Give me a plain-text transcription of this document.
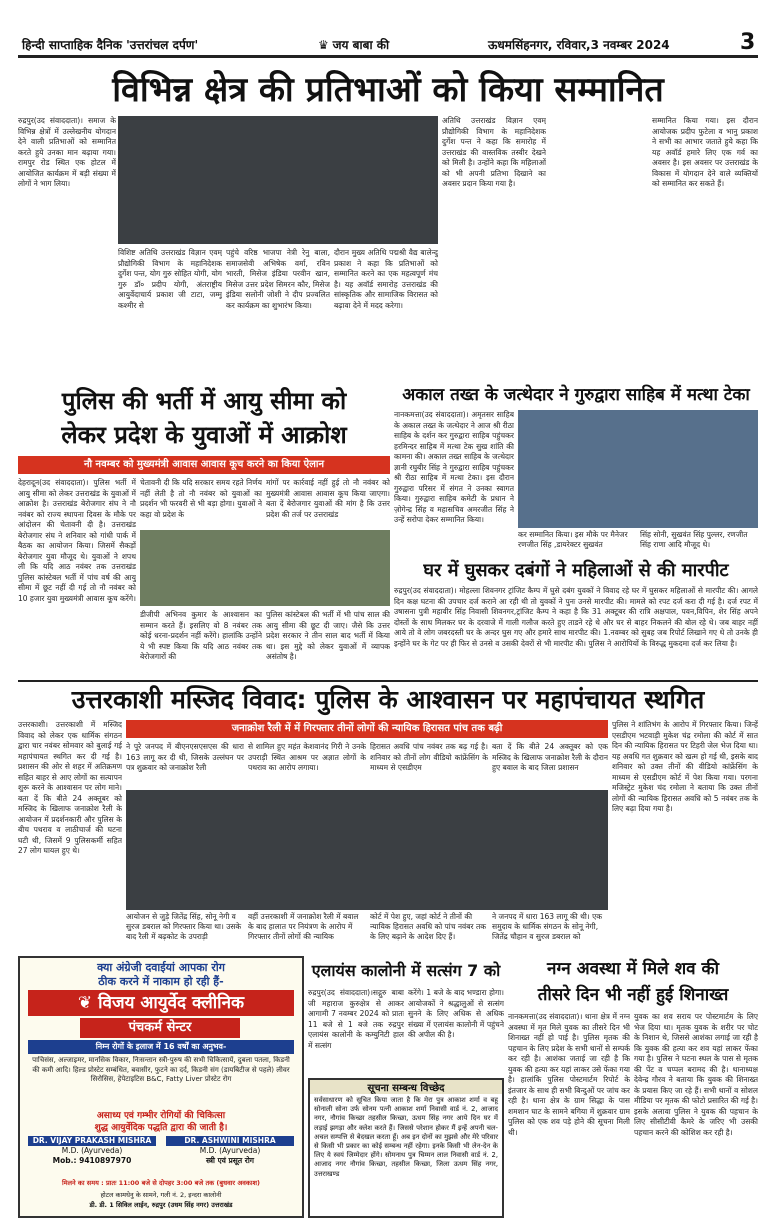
हिन्दी साप्ताहिक दैनिक 'उत्तरांचल दर्पण'	♛ जय बाबा की	ऊधमसिंहनगर, रविवार,3 नवम्बर 2024	3
विभिन्न क्षेत्र की प्रतिभाओं को किया सम्मानित
रुद्रपुर(उद संवाददाता)। समाज के विभिन्न क्षेत्रों में उल्लेखनीय योगदान देने वाली प्रतिभाओं को सम्मानित करते हुये उनका मान बढ़ाया गया। रामपुर रोड स्थित एक होटल में आयोजित कार्यक्रम में बड़ी संख्या में लोगों ने भाग लिया।
विशिष्ट अतिथि उत्तराखंड विज्ञान एवम् प्रौद्योगिकी विभाग के महानिदेशक दुर्गेश पन्त, योग गुरु सोहित योगी, योग गुरु डॉ० प्रदीप योगी, अंतराष्ट्रीय आयुर्वेदाचार्य प्रकाश जी टाटा, जम्मू कश्मीर से
पहुंचे वरिष्ठ भाजपा नेत्री रेनु बाला, समाजसेवी अभिषेक वर्मा, रविन भारती, मिसेज इंडिया परवीन खान, मिसेज उत्तर प्रदेश सिमरन कौर, मिसेज इंडिया सलोनी जोशी ने दीप प्रज्वलित कर कार्यक्रम का शुभारंभ किया।
दौरान मुख्य अतिथि पद्मश्री वैद्य बालेन्दु प्रकाश ने कहा कि प्रतिभाओं को सम्मानित करने का एक महत्वपूर्ण मंच है। यह अवॉर्ड समारोह उत्तराखंड की सांस्कृतिक और सामाजिक विरासत को बढ़ावा देने में मदद करेगा।
अतिथि उत्तराखंड विज्ञान एवम् प्रौद्योगिकी विभाग के महानिदेशक दुर्गेश पन्त ने कहा कि समारोह में उत्तराखंड की वास्तविक तस्वीर देखने को मिली है। उन्होंने कहा कि महिलाओं को भी अपनी प्रतिभा दिखाने का अवसर प्रदान किया गया है।
सम्मानित किया गया। इस दौरान आयोजक प्रदीप फुटेला व भानु प्रकाश ने सभी का आभार जताते हुये कहा कि यह अवॉर्ड हमारे लिए एक गर्व का अवसर है। इस अवसर पर उत्तराखंड के विकास में योगदान देने वाले व्यक्तियों को सम्मानित कर सकते हैं।
पुलिस की भर्ती में आयु सीमा को
लेकर प्रदेश के युवाओं में आक्रोश
नौ नवम्बर को मुख्यमंत्री आवास आवास कूच करने का किया ऐलान
देहरादून(उद संवाददाता)। पुलिस भर्ती में आयु सीमा को लेकर उत्तराखंड के युवाओं में आक्रोश है। उत्तराखंड बेरोजगार संघ ने नौ नवंबर को राज्य स्थापना दिवस के मौके पर आंदोलन की चेतावनी दी है। उत्तराखंड बेरोजगार संघ ने शनिवार को गांधी पार्क में बैठक का आयोजन किया। जिसमें सैकड़ों बेरोजगार युवा मौजूद थे। युवाओं ने शपथ ली कि यदि आठ नवंबर तक उत्तराखंड पुलिस कांस्टेबल भर्ती में पांच वर्ष की आयु सीमा में छूट नहीं दी गई तो नौ नवंबर को 10 हजार युवा मुख्यमंत्री आवास कूच करेंगे।
चेतावनी दी कि यदि सरकार समय रहते निर्णय नहीं लेती है तो नौ नवंबर को युवाओं का प्रदर्शन भी फरवरी से भी बड़ा होगा। युवाओं ने कहा वो प्रदेश के
मांगों पर कार्रवाई नहीं हुई तो नौ नवंबर को मुख्यमंत्री आवास आवास कूच किया जाएगा। बता दें बेरोजगार युवाओं की मांग है कि उत्तर प्रदेश की तर्ज पर उत्तराखंड
डीजीपी अभिनव कुमार के आश्वासन का सम्मान करते हैं। इसलिए वो 8 नवंबर तक कोई धरना-प्रदर्शन नहीं करेंगे। हालांकि उन्होंने ये भी स्पष्ट किया कि यदि आठ नवंबर तक बेरोजगारों की
पुलिस कांस्टेबल की भर्ती में भी पांच साल की आयु सीमा की छूट दी जाए। जैसे कि उत्तर प्रदेश सरकार ने तीन साल बाद भर्ती में किया था। इस मुद्दे को लेकर युवाओं में व्यापक असंतोष है।
अकाल तख्त के जत्थेदार ने गुरुद्वारा साहिब में मत्था टेका
नानकमत्ता(उद संवाददाता)। अमृतसर साहिब के अकाल तख्त के जत्थेदार ने आज श्री रीठा साहिब के दर्शन कर गुरुद्वारा साहिब पहुंचकर हरमिन्दर साहिब में मत्था टेक सुख शांति की कामना की। अकाल तख्त साहिब के जत्थेदार ज्ञानी रघुबीर सिंह ने गुरुद्वारा साहिब पहुंचकर श्री रीठा साहिब में मत्था टेका। इस दौरान गुरुद्वारा परिसर में संगत ने उनका स्वागत किया। गुरुद्वारा साहिब कमेटी के प्रधान ने ज़ोगेन्द्र सिंह व महासचिव अमरजीत सिंह ने उन्हें सरोपा देकर सम्मानित किया।
कर सम्मानित किया। इस मौके पर मैनेजर रणजीत सिंह ,डायरेक्टर सुखवंत
सिंह सोनी, सुखवंत सिंह पुल्लर, रणजीत सिंह राणा आदि मौजूद थे।
घर में घुसकर दबंगों ने महिलाओं से की मारपीट
रुद्रपुर(उद संवाददाता)। मोहल्ला शिवनगर ट्रांजिट कैम्प में घुसे दबंग युवकों ने विवाद रहे घर में घुसकर महिलाओं से मारपीट की। आगले दिन कक्ष घटना की उपचार दर्ज कराने आ रही थी तो युवकों ने पुनः उनसे मारपीट की। मामले को रपट दर्ज करा दी गई है। दर्ज रपट में उषासना पुत्री महावीर सिंह निवासी शिवनगर,ट्रांजिट कैम्प ने कहा है कि 31 अक्टूबर की रात्रि अक्षपाल, पवन,विपिन, शेर सिंह अपने दोस्तों के साथ मिलकर घर के दरवाजे में गाली गलौज करते हुए ताडने रहे थे और घर से बाहर निकलने की बोल रहे थे। जब बाहर नहीं आये तो वे लोग जबरदस्ती घर के अन्दर घुस गए और हमारे साथ मारपीट की। 1.नवम्बर को सुबह जब रिपोर्ट लिखाने गए थे तो उनके ही इन्होंने घर के गेट पर ही फिर से उनसे व उसकी देवरों से भी मारपीट की। पुलिस ने आरोपियों के विरुद्ध मुकदमा दर्ज कर लिया है।
उत्तरकाशी मस्जिद विवाद: पुलिस के आश्वासन पर महापंचायत स्थगित
उत्तरकाशी। उत्तरकाशी में मस्जिद विवाद को लेकर एक धार्मिक संगठन द्वारा चार नवंबर सोमवार को बुलाई गई महापंचायत स्थगित कर दी गई है। प्रशासन की ओर से शहर में अतिक्रमण सहित बाहर से आए लोगों का सत्यापन शुरू करने के आश्वासन पर लोग माने। बता दें कि बीते 24 अक्तूबर को मस्जिद के खिलाफ जनाक्रोश रैली के आयोजन में प्रदर्शनकारी और पुलिस के बीच पथराव व लाठीचार्ज की घटना घटी थी, जिसमें 9 पुलिसकर्मी सहित 27 लोग घायल हुए थे।
जनाक्रोश रैली में में गिरफ्तार तीनों लोगों की न्यायिक हिरासत पांच तक बढ़ी
ने पूरे जनपद में बीएनएसएसएस की धारा 163 लागू कर दी थी, जिसके उल्लंघन पर पत्र शुक्रवार को जनाक्रोश रैली
से शामिल हुए महंत केशवानंद गिरी ने उनके उपराड़ी स्थित आश्रम पर अज्ञात लोगों के पथराव का आरोप लगाया।
हिरासत अवधि पांच नवंबर तक बढ़ गई है। शनिवार को तीनों लोग वीडियो कांफ्रेंसिंग के माध्यम से एसडीएम
बता दें कि बीते 24 अक्तूबर को एक मस्जिद के खिलाफ जनाक्रोश रैली के दौरान हुए बवाल के बाद जिला प्रशासन
आयोजन से जुड़े जितेंद्र सिंह, सोनू नेगी व सुरज डबराल को गिरफ्तार किया था। उसके बाद रैली में बढ़कोट के उपराड़ी
वहीं उत्तरकाशी में जनाक्रोश रैली में बवाल के बाद हालात पर नियंत्रण के आरोप में गिरफ्तार तीनों लोगों की न्यायिक
कोर्ट में पेश हुए, जहां कोर्ट ने तीनों की न्यायिक हिरासत अवधि को पांच नवंबर तक के लिए बढ़ाने के आदेश दिए हैं।
ने जनपद में धारा 163 लागू की थी। एक समुदाय के धार्मिक संगठन के सोनू नेगी, जितेंद्र चौहान व सुरज डबराल को
पुलिस ने शांतिभंग के आरोप में गिरफ्तार किया। जिन्हें एसडीएम भटवाड़ी मुकेश चंद्र रमोला की कोर्ट में सात दिन की न्यायिक हिरासत पर टिहरी जेल भेज दिया था। यह अवधि गत शुक्रवार को खत्म हो गई थी, इसके बाद शनिवार को उक्त तीनों की वीडियो कांफ्रेंसिंग के माध्यम से एसडीएम कोर्ट में पेश किया गया। परगना मजिस्ट्रेट मुकेश चंद रमोला ने बताया कि उक्त तीनों लोगों की न्यायिक हिरासत अवधि को 5 नवंबर तक के लिए बढ़ा दिया गया है।
क्या अंग्रेजी दवाईयां आपका रोग
ठीक करने में नाकाम हो रही हैं-
❦ विजय आयुर्वेद क्लीनिक
पंचकर्म सेन्टर
निम्न रोगों के इलाज में 16 वर्षों का अनुभव-
पाचिसंस, अल्जाइमर, मानसिक विकार, निःसन्तान स्त्री-पुरुष की सभी चिकित्सायें, दुबला पतला, किडनी की कमी आदि। हिल्ड प्रोस्टेट सम्बंधित, बवासीर, फुटने का दर्द, किडनी संग (डायबिटीज से पहले) लीवर सिरोसिस, हेपेटाइटिस B&C, Fatty Liver प्रोस्टेट रोग
असाध्य एवं गम्भीर रोगियों की चिकित्सा
शुद्ध आयुर्वेदिक पद्धति द्वारा की जाती है।
DR. VIJAY PRAKASH MISHRA
M.D. (Ayurveda)
Mob.: 9410897970
DR. ASHWINI MISHRA
M.D. (Ayurveda)
स्त्री एवं प्रसूत रोग
मिलने का समय : प्रातः 11:00 बजे से दोपहर 3:00 बजे तक (बुधवार अवकाश)
होटल कामधेनु के सामने, गली नं. 2, इन्दरा कालोनी
डी. डी. 1 सिविल लाईन, रुद्रपुर (उधम सिंह नगर) उत्तराखंड
एलायंस कालोनी में सत्संग 7 को
रुद्रपुर(उद संवाददाता)।सद्गुरु बाबा जी महाराज कुरुक्षेत्र से आकर आगामी 7 नवम्बर 2024 को प्रातः 11 बजे से 1 बजे तक रुद्रपुर एलायंस कालोनी के कम्युनिटी हाल में सत्संग
करेंगे। 1 बजे के बाद भण्डारा होगा। आयोजकों ने श्रद्धालुओं से सत्संग सुनने के लिए अधिक से अधिक संख्या में एलायंस कालोनी में पहुंचने की अपील की है।
सूचना सम्बन्ध विच्छेद
सर्वसाधारण को सूचित किया जाता है कि मेरा पुत्र आकाश शर्मा व बहू सोनाली सोना उर्फ सोनम पत्नी आकाश शर्मा निवासी वार्ड नं. 2, आजाद नगर, नौगांव किच्छा तहसील किच्छा, ऊधम सिंह नगर आये दिन घर में लड़ाई झगड़ा और क्लेश करते हैं। जिससे परेशान होकर मैं इन्हें अपनी चल-अचल सम्पत्ति से बेदखल करता हूँ। अब इन दोनों का मुझसे और मेरे परिवार से किसी भी प्रकार का कोई सम्बन्ध नहीं रहेगा। इनके किसी भी लेन-देन के लिए ये स्वयं जिम्मेदार होंगे। सोमनाथ पुत्र चिम्मन लाल निवासी वार्ड नं. 2, आजाद नगर नौगांव किच्छा, तहसील किच्छा, जिला ऊधम सिंह नगर, उत्तराखण्ड
नग्न अवस्था में मिले शव की
तीसरे दिन भी नहीं हुई शिनाख्त
नानकमत्ता(उद संवाददाता)। थाना क्षेत्र में नग्न अवस्था में मृत मिले युवक का तीसरे दिन भी शिनाख्त नहीं हो पाई है। पुलिस मृतक की पहचान के लिए प्रदेश के सभी थानों से सम्पर्क कर रही है। आशंका जताई जा रही है कि युवक की हत्या कर यहां लाकर उसे फेंका गया है। हालांकि पुलिस पोस्टमार्टम रिपोर्ट के इंतजार के साथ ही सभी बिन्दुओं पर जांच कर रही है। थाना क्षेत्र के ग्राम सिद्धा के पास शमशान घाट के सामने बगिया में शुक्रवार ग्राम पुलिस को एक शव पड़े होने की सूचना मिली थी।
युवक का शव सराय पर पोस्टमार्टम के लिए भेज दिया था। मृतक युवक के शरीर पर चोट के निशान थे, जिससे आशंका लगाई जा रही है कि युवक की हत्या कर शव यहां लाकर फेंका गया है। पुलिस ने घटना स्थल के पास से मृतक की पेंट व चप्पल बरामद की है। थानाध्यक्ष देवेन्द्र गौरव ने बताया कि युवक की शिनाख्त के प्रयास किए जा रहे हैं। सभी थानों व सोशल मीडिया पर मृतक की फोटो प्रसारित की गई है। इसके अलावा पुलिस ने युवक की पहचान के लिए सीसीटीवी कैमरे के जरिए भी उसकी पहचान करने की कोशिश कर रही है।
